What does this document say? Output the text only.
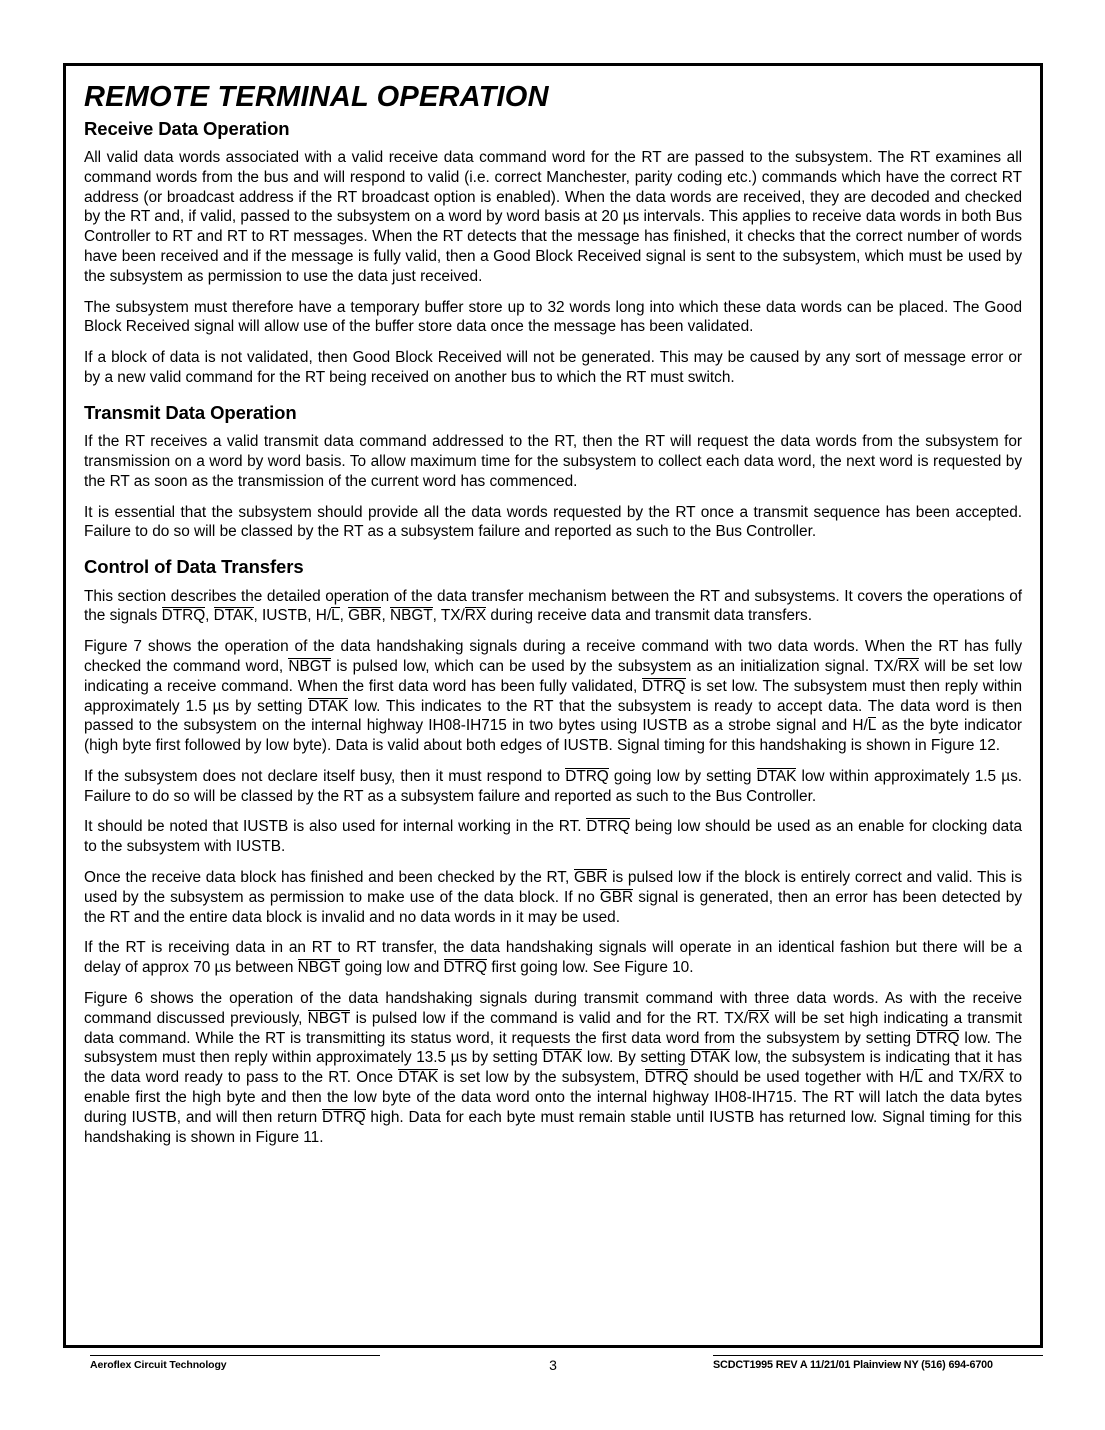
REMOTE TERMINAL OPERATION
Receive Data Operation

All valid data words associated with a valid receive data command word for the RT are passed to the subsystem. The RT examines all command words from the bus and will respond to valid (i.e. correct Manchester, parity coding etc.) commands which have the correct RT address (or broadcast address if the RT broadcast option is enabled). When the data words are received, they are decoded and checked by the RT and, if valid, passed to the subsystem on a word by word basis at 20 µs intervals. This applies to receive data words in both Bus Controller to RT and RT to RT messages. When the RT detects that the message has finished, it checks that the correct number of words have been received and if the message is fully valid, then a Good Block Received signal is sent to the subsystem, which must be used by the subsystem as permission to use the data just received.

The subsystem must therefore have a temporary buffer store up to 32 words long into which these data words can be placed. The Good Block Received signal will allow use of the buffer store data once the message has been validated.

If a block of data is not validated, then Good Block Received will not be generated. This may be caused by any sort of message error or by a new valid command for the RT being received on another bus to which the RT must switch.

Transmit Data Operation

If the RT receives a valid transmit data command addressed to the RT, then the RT will request the data words from the subsystem for transmission on a word by word basis. To allow maximum time for the subsystem to collect each data word, the next word is requested by the RT as soon as the transmission of the current word has commenced.

It is essential that the subsystem should provide all the data words requested by the RT once a transmit sequence has been accepted. Failure to do so will be classed by the RT as a subsystem failure and reported as such to the Bus Controller.

Control of Data Transfers

This section describes the detailed operation of the data transfer mechanism between the RT and subsystems. It covers the operations of the signals DTRQ, DTAK, IUSTB, H/L, GBR, NBGT, TX/RX during receive data and transmit data transfers.

Figure 7 shows the operation of the data handshaking signals during a receive command with two data words. When the RT has fully checked the command word, NBGT is pulsed low, which can be used by the subsystem as an initialization signal. TX/RX will be set low indicating a receive command. When the first data word has been fully validated, DTRQ is set low. The subsystem must then reply within approximately 1.5 µs by setting DTAK low. This indicates to the RT that the subsystem is ready to accept data. The data word is then passed to the subsystem on the internal highway IH08-IH715 in two bytes using IUSTB as a strobe signal and H/L as the byte indicator (high byte first followed by low byte). Data is valid about both edges of IUSTB. Signal timing for this handshaking is shown in Figure 12.

If the subsystem does not declare itself busy, then it must respond to DTRQ going low by setting DTAK low within approximately 1.5 µs. Failure to do so will be classed by the RT as a subsystem failure and reported as such to the Bus Controller.

It should be noted that IUSTB is also used for internal working in the RT. DTRQ being low should be used as an enable for clocking data to the subsystem with IUSTB.

Once the receive data block has finished and been checked by the RT, GBR is pulsed low if the block is entirely correct and valid. This is used by the subsystem as permission to make use of the data block. If no GBR signal is generated, then an error has been detected by the RT and the entire data block is invalid and no data words in it may be used.

If the RT is receiving data in an RT to RT transfer, the data handshaking signals will operate in an identical fashion but there will be a delay of approx 70 µs between NBGT going low and DTRQ first going low. See Figure 10.

Figure 6 shows the operation of the data handshaking signals during transmit command with three data words. As with the receive command discussed previously, NBGT is pulsed low if the command is valid and for the RT. TX/RX will be set high indicating a transmit data command. While the RT is transmitting its status word, it requests the first data word from the subsystem by setting DTRQ low. The subsystem must then reply within approximately 13.5 µs by setting DTAK low. By setting DTAK low, the subsystem is indicating that it has the data word ready to pass to the RT. Once DTAK is set low by the subsystem, DTRQ should be used together with H/L and TX/RX to enable first the high byte and then the low byte of the data word onto the internal highway IH08-IH715. The RT will latch the data bytes during IUSTB, and will then return DTRQ high. Data for each byte must remain stable until IUSTB has returned low. Signal timing for this handshaking is shown in Figure 11.

Aeroflex Circuit Technology	3	SCDCT1995 REV A 11/21/01 Plainview NY (516) 694-6700
